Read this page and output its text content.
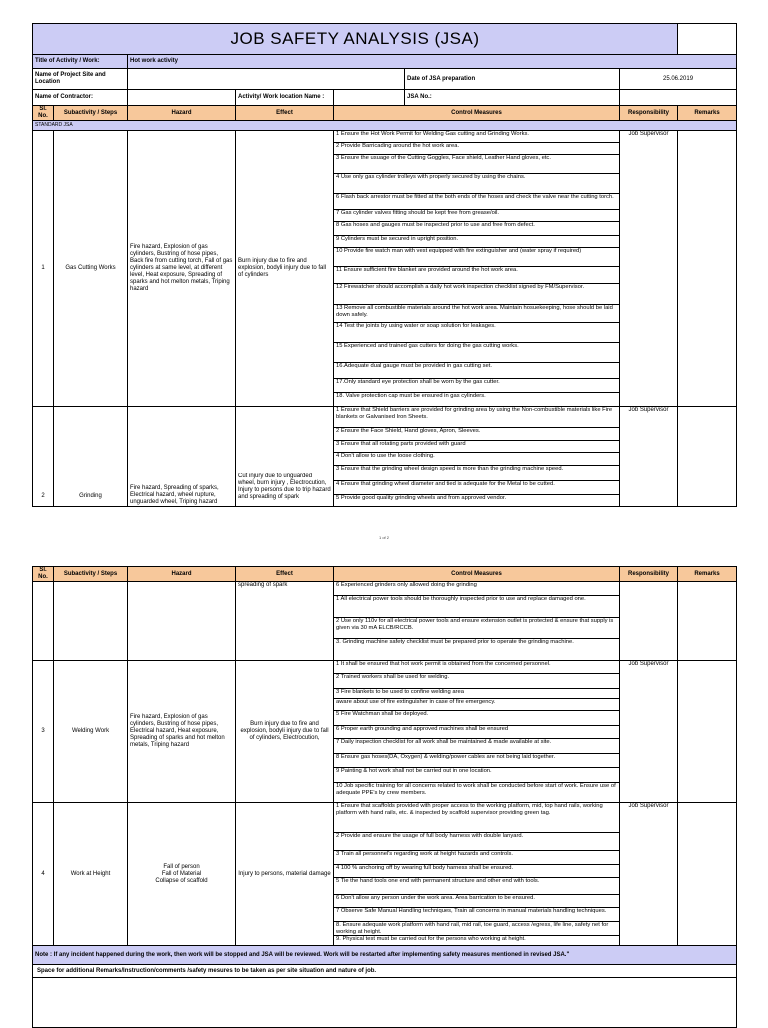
JOB SAFETY ANALYSIS (JSA)						
Title of Activity / Work:		Hot work activity				
Name of Project Site and Location		Date of JSA preparation			25.06.2019	
Name of Contractor:			Activity/ Work location Name :	JSA No.:		

Sl. No.	Subactivity / Steps	Hazard	Effect	Control Measures	Responsibility	Remarks
STANDARD JSA						
1	Gas Cutting Works	Fire hazard, Explosion of gas cylinders, Bustring of hose pipes, Back fire from cutting torch, Fall of gas cylinders at same level, at different level, Heat exposure, Spreading of sparks and hot melton metals, Triping hazard	Burn injury due to fire and explosion, bodyli injury due to fall of cylinders	1 Ensure the Hot Work Permit for Welding Gas cutting and Grinding Works.	Job Supervisor	
				2 Provide Barricading around the hot work area.		
				3 Ensure the usuage of the Cutting Goggles, Face shield, Leather Hand gloves, etc.		
				4 Use only gas cylinder trolleys with properly secured by using the chains.		
				6 Flash back arrestor must be fitted at the both ends of the hoses and check the valve near the cutting torch.		
				7 Gas cylinder valves fitting should be kept free from grease/oil.		
				8 Gas hoses and gauges must be inspected prior to use and free from defect.		
				9 Cylinders must be secured in upright position.		
				10 Provide fire watch man with vest equipped with fire extinguisher and (water spray if required)		
				11 Ensure sufficient fire blanket are provided around the hot work area.		
				12 Firewatcher should accomplish a daily hot work inspection checklist signed by FM/Supervisor.		
				13 Remove all combustible materials around the hot work area. Maintain hosuekeeping, hose should be laid down safely.		
				14 Test the joints by using water or soap solution for leakages.		
				15 Experienced and trained gas cutters for doing the gas cutting works.		
				16.Adequate dual gauge must be provided in gas cutting set.		
				17.Only standard eye protection shall be worn by the gas cutter.		
				18. Valve protection cap must be ensured in gas cylinders.		
2	Grinding	Fire hazard, Spreading of sparks, Electrical hazard, wheel rupture, unguarded wheel, Triping hazard	Cut injury due to unguarded wheel, burn injury , Electrocution, Injury to persons due to trip hazard and spreading of spark	1 Ensure that Shield barriers are provided for grinding area by using the Non-combustible materials like Fire blankets or Galvanised Iron Sheets.	Job Supervisor	
				2 Ensure the Face Shield, Hand gloves, Apron, Sleeves.		
				3 Ensure that all rotating parts provided with guard		
				4 Don't allow to use the loose clothing.		
				3 Ensure that the grinding wheel design speed is more than the grinding machine speed.		
				4 Ensure that grinding wheel diameter and tied is adequate for the Metal to be cutted.		
				5 Provide good quality grinding wheels and from approved vendor.		
1 of 2
Sl. No.	Subactivity / Steps	Hazard	Effect	Control Measures	Responsibility	Remarks
			spreading of spark	6 Experienced grinders only allowed doing the grinding		
				1 All electrical power tools should be thoroughly inspected prior to use and replace damaged one.		
				2 Use only 110v for all electrical power tools and ensure extension outlet is protected & ensure that supply is given via 30 mA ELCB/RCCB.		
				3. Grinding machine safety checklist must be prepared prior to operate the grinding machine.		
3	Welding Work	Fire hazard, Explosion of gas cylinders, Bustring of hose pipes, Electrical hazard, Heat exposure, Spreading of sparks and hot melton metals, Triping hazard	Burn injury due to fire and explosion, bodyli injury due to fall of cylinders, Electrocution,	1 It shall be ensured that hot work permit is obtained from the concerned personnel.	Job Supervisor	
				2 Trained workers shall be used for welding.		
				3 Fire blankets to be used to confine welding area		
				aware about use of fire extinguisher in case of fire emergency.		
				5 Fire Watchman shall be deployed.		
				6 Proper earth grounding and approved machines shall be ensured		
				7 Daily inspection checklist for all work shall be maintained & made available at site.		
				8 Ensure gas hoses(DA, Oxygen) & welding/power cables are not being laid together.		
				9 Painting & hot work shall not be carried out in one location.		
				10 Job specific training for all concerns related to work shall be conducted before start of work. Ensure use of adequate PPE's by crew members.		
4	Work at Height	Fall of person
Fall of Material
Collapse of scaffold	Injury to persons, material damage	1 Ensure that scaffolds provided with proper access to the working platform, mid, top hand rails, working platform with hand rails, etc. & inspected by scaffold supervisor providing green tag.	Job Supervisor	
				2 Provide and ensure the usage of full body harness with double lanyard.		
				3 Train all personnel's regarding work at height hazards and controls.		
				4 100 % anchoring off by wearing full body harness shall be ensured.		
				5 Tie the hand tools one end with permanent structure and other end with tools.		
				6 Don't allow any person under the work area. Area barrication to be ensured.		
				7 Observe Safe Manual Handling techniques, Train all concerns in manual materials handling techniques.		
				8. Ensure adequate work platform with hand rail, mid rail, toe guard, access /egress, life line, safety net for working at height.		
				9. Physical test must be carried out for the persons who working at height.		
Note : If any incident happened during the work, then work will be stopped and JSA will be reviewed. Work will be restarted after implementing safety measures mentioned in revised JSA."						
Space for additional Remarks/Instruction/comments /safety mesures to be taken as per site situation and nature of job.						
